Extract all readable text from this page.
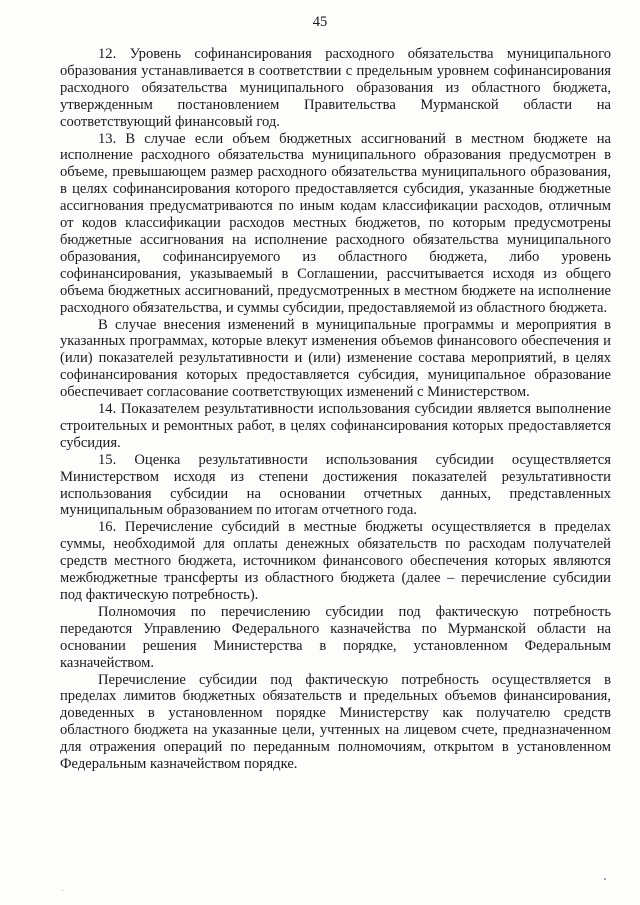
45

12. Уровень софинансирования расходного обязательства муниципального образования устанавливается в соответствии с предельным уровнем софинансирования расходного обязательства муниципального образования из областного бюджета, утвержденным постановлением Правительства Мурманской области на соответствующий финансовый год.

13. В случае если объем бюджетных ассигнований в местном бюджете на исполнение расходного обязательства муниципального образования предусмотрен в объеме, превышающем размер расходного обязательства муниципального образования, в целях софинансирования которого предоставляется субсидия, указанные бюджетные ассигнования предусматриваются по иным кодам классификации расходов, отличным от кодов классификации расходов местных бюджетов, по которым предусмотрены бюджетные ассигнования на исполнение расходного обязательства муниципального образования, софинансируемого из областного бюджета, либо уровень софинансирования, указываемый в Соглашении, рассчитывается исходя из общего объема бюджетных ассигнований, предусмотренных в местном бюджете на исполнение расходного обязательства, и суммы субсидии, предоставляемой из областного бюджета.

В случае внесения изменений в муниципальные программы и мероприятия в указанных программах, которые влекут изменения объемов финансового обеспечения и (или) показателей результативности и (или) изменение состава мероприятий, в целях софинансирования которых предоставляется субсидия, муниципальное образование обеспечивает согласование соответствующих изменений с Министерством.

14. Показателем результативности использования субсидии является выполнение строительных и ремонтных работ, в целях софинансирования которых предоставляется субсидия.

15. Оценка результативности использования субсидии осуществляется Министерством исходя из степени достижения показателей результативности использования субсидии на основании отчетных данных, представленных муниципальным образованием по итогам отчетного года.

16. Перечисление субсидий в местные бюджеты осуществляется в пределах суммы, необходимой для оплаты денежных обязательств по расходам получателей средств местного бюджета, источником финансового обеспечения которых являются межбюджетные трансферты из областного бюджета (далее – перечисление субсидии под фактическую потребность).

Полномочия по перечислению субсидии под фактическую потребность передаются Управлению Федерального казначейства по Мурманской области на основании решения Министерства в порядке, установленном Федеральным казначейством.

Перечисление субсидии под фактическую потребность осуществляется в пределах лимитов бюджетных обязательств и предельных объемов финансирования, доведенных в установленном порядке Министерству как получателю средств областного бюджета на указанные цели, учтенных на лицевом счете, предназначенном для отражения операций по переданным полномочиям, открытом в установленном Федеральным казначейством порядке.
